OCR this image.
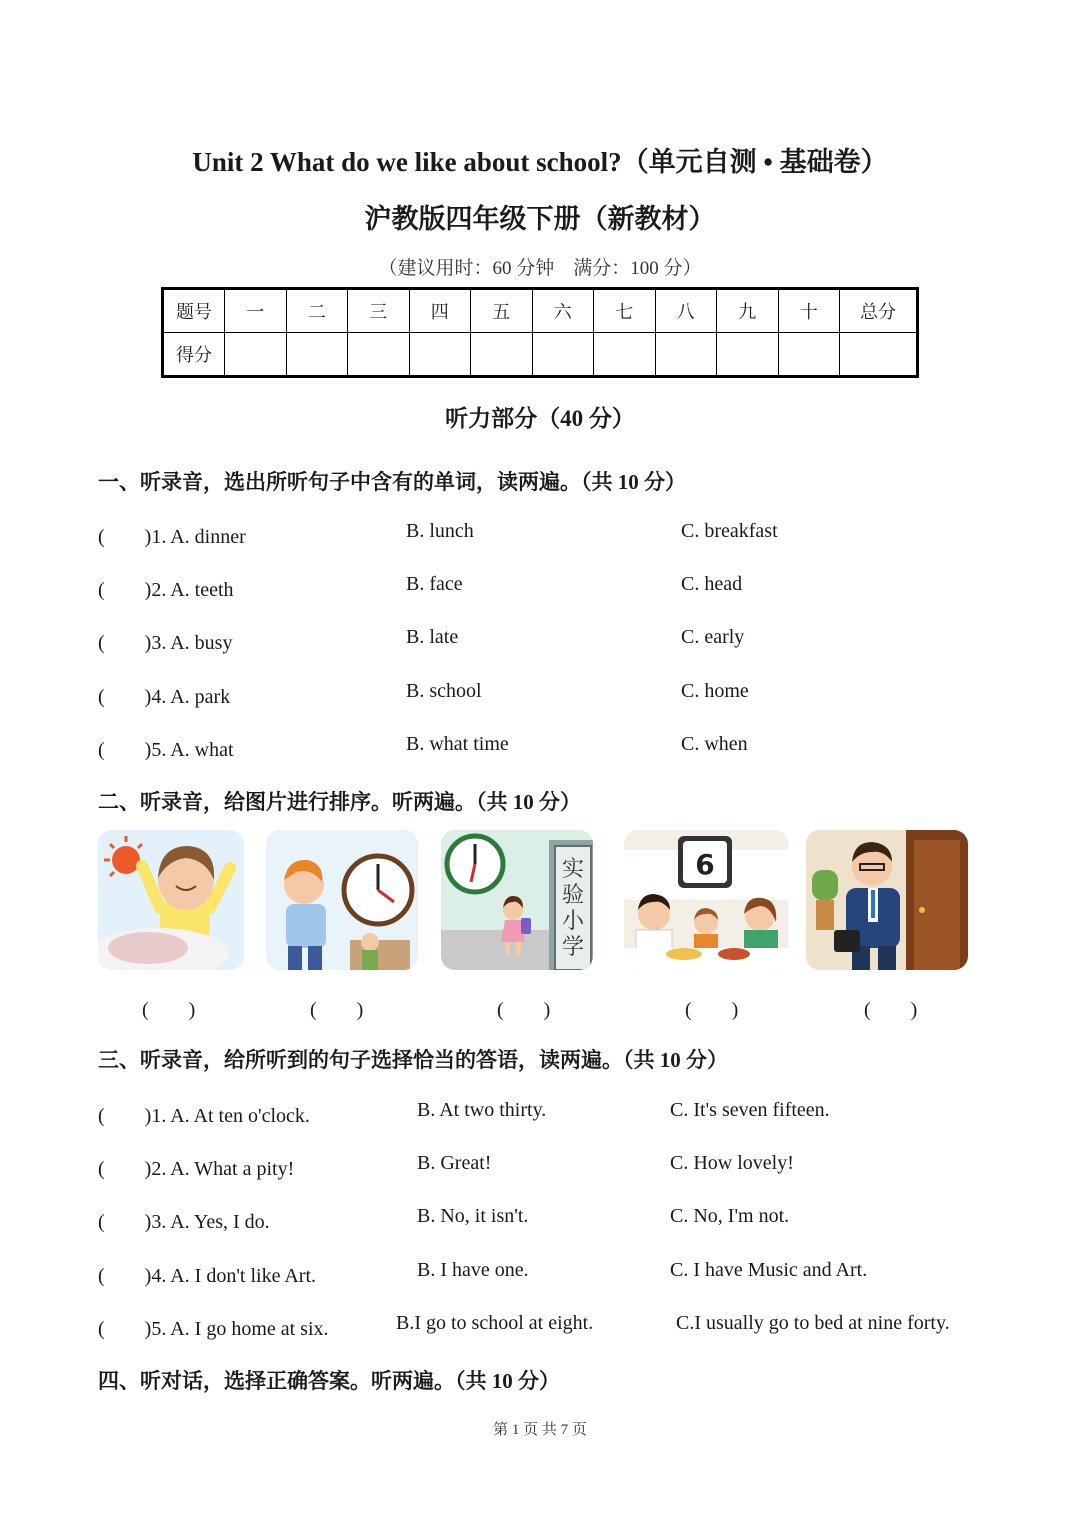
Unit 2 What do we like about school?（单元自测 • 基础卷）
沪教版四年级下册（新教材）
（建议用时：60 分钟　满分：100 分）
题号	一	二	三	四	五	六	七	八	九	十	总分
得分											
听力部分（40 分）
一、听录音，选出所听句子中含有的单词，读两遍。（共 10 分）
(　　)1. A. dinner	B. lunch	C. breakfast
(　　)2. A. teeth	B. face	C. head
(　　)3. A. busy	B. late	C. early
(　　)4. A. park	B. school	C. home
(　　)5. A. what	B. what time	C. when
二、听录音，给图片进行排序。听两遍。（共 10 分）
实
验
小
学
6
(　　)	(　　)	(　　)	(　　)	(　　)
三、听录音，给所听到的句子选择恰当的答语，读两遍。（共 10 分）
(　　)1. A. At ten o'clock.	B. At two thirty.	C. It's seven fifteen.
(　　)2. A. What a pity!	B. Great!	C. How lovely!
(　　)3. A. Yes, I do.	B. No, it isn't.	C. No, I'm not.
(　　)4. A. I don't like Art.	B. I have one.	C. I have Music and Art.
(　　)5. A. I go home at six.	B.I go to school at eight.	C.I usually go to bed at nine forty.
四、听对话，选择正确答案。听两遍。（共 10 分）
第 1 页 共 7 页
